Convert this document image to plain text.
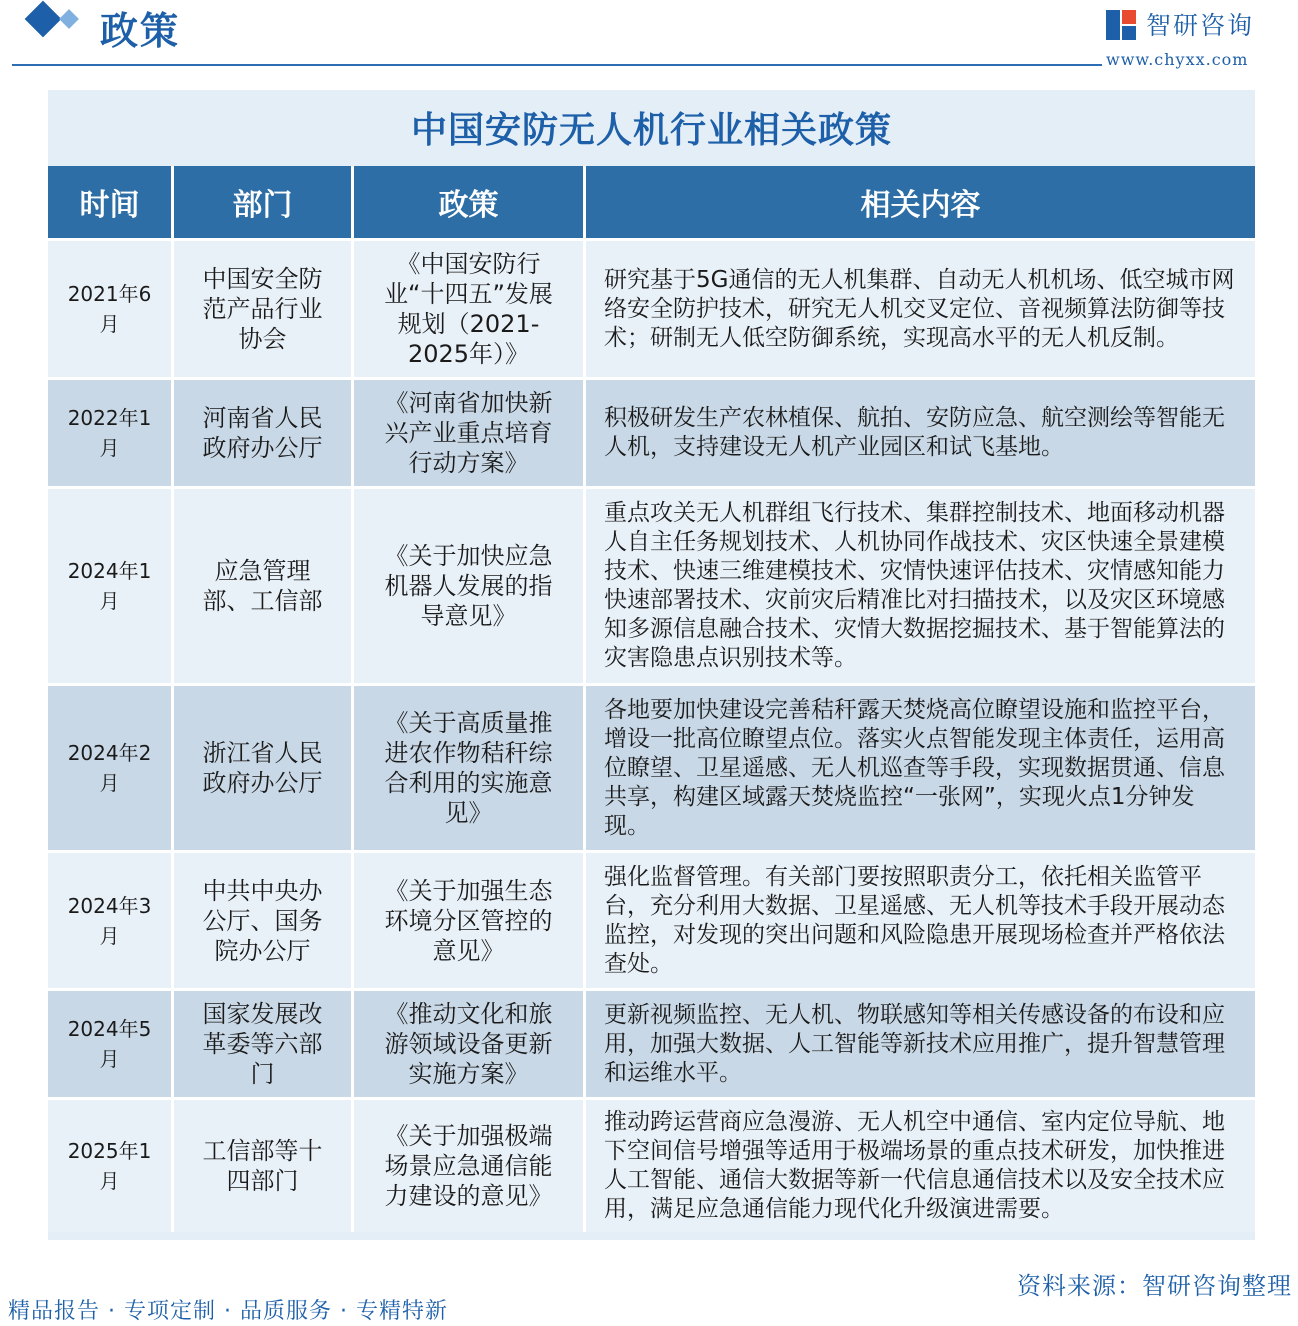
政策	智研咨询
www.chyxx.com
中国安防无人机行业相关政策
时间	部门	政策	相关内容
2021年6月	中国安全防范产品行业协会	《中国安防行业“十四五”发展规划（2021-2025年）》	研究基于5G通信的无人机集群、自动无人机机场、低空城市网络安全防护技术，研究无人机交叉定位、音视频算法防御等技术；研制无人低空防御系统，实现高水平的无人机反制。
2022年1月	河南省人民政府办公厅	《河南省加快新兴产业重点培育行动方案》	积极研发生产农林植保、航拍、安防应急、航空测绘等智能无人机，支持建设无人机产业园区和试飞基地。
2024年1月	应急管理部、工信部	《关于加快应急机器人发展的指导意见》	重点攻关无人机群组飞行技术、集群控制技术、地面移动机器人自主任务规划技术、人机协同作战技术、灾区快速全景建模技术、快速三维建模技术、灾情快速评估技术、灾情感知能力快速部署技术、灾前灾后精准比对扫描技术，以及灾区环境感知多源信息融合技术、灾情大数据挖掘技术、基于智能算法的灾害隐患点识别技术等。
2024年2月	浙江省人民政府办公厅	《关于高质量推进农作物秸秆综合利用的实施意见》	各地要加快建设完善秸秆露天焚烧高位瞭望设施和监控平台，增设一批高位瞭望点位。落实火点智能发现主体责任，运用高位瞭望、卫星遥感、无人机巡查等手段，实现数据贯通、信息共享，构建区域露天焚烧监控“一张网”，实现火点1分钟发现。
2024年3月	中共中央办公厅、国务院办公厅	《关于加强生态环境分区管控的意见》	强化监督管理。有关部门要按照职责分工，依托相关监管平台，充分利用大数据、卫星遥感、无人机等技术手段开展动态监控，对发现的突出问题和风险隐患开展现场检查并严格依法查处。
2024年5月	国家发展改革委等六部门	《推动文化和旅游领域设备更新实施方案》	更新视频监控、无人机、物联感知等相关传感设备的布设和应用，加强大数据、人工智能等新技术应用推广，提升智慧管理和运维水平。
2025年1月	工信部等十四部门	《关于加强极端场景应急通信能力建设的意见》	推动跨运营商应急漫游、无人机空中通信、室内定位导航、地下空间信号增强等适用于极端场景的重点技术研发，加快推进人工智能、通信大数据等新一代信息通信技术以及安全技术应用，满足应急通信能力现代化升级演进需要。
精品报告 · 专项定制 · 品质服务 · 专精特新
资料来源：智研咨询整理
